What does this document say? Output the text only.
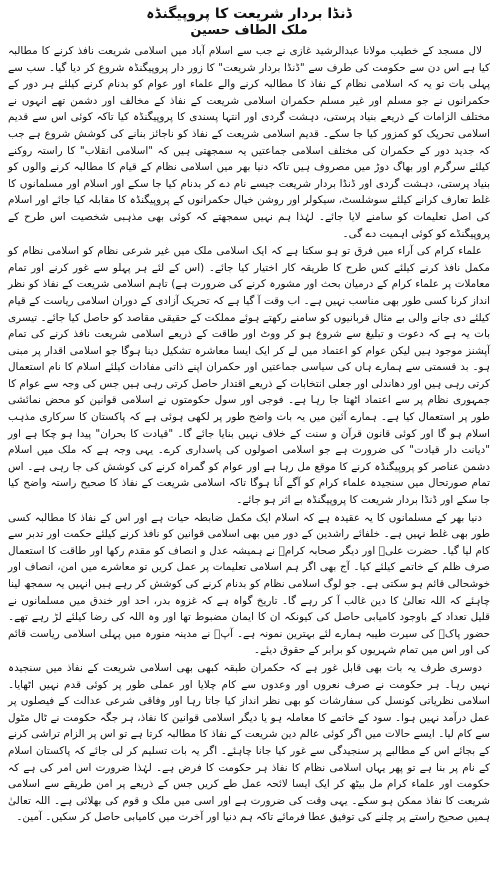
ڈنڈا بردار شریعت کا پروپیگنڈہ
ملک الطاف حسین

لال مسجد کے خطیب مولانا عبدالرشید غازی نے جب سے اسلام آباد میں اسلامی شریعت نافذ کرنے کا مطالبہ کیا ہے اس دن سے حکومت کی طرف سے "ڈنڈا بردار شریعت" کا زور دار پروپیگنڈہ شروع کر دیا گیا۔ سب سے پہلی بات تو یہ کہ اسلامی نظام کے نفاذ کا مطالبہ کرنے والے علماء اور عوام کو بدنام کرنے کیلئے ہر دور کے حکمرانوں نے جو مسلم اور غیر مسلم حکمران اسلامی شریعت کے نفاذ کے مخالف اور دشمن تھے انہوں نے مختلف الزامات کے ذریعے بنیاد پرستی، دہشت گردی اور انتہا پسندی کا پروپیگنڈہ کیا تاکہ کوئی اس سے قدیم اسلامی تحریک کو کمزور کیا جا سکے۔ قدیم اسلامی شریعت کے نفاذ کو ناجائز بنانے کی کوشش شروع ہے جب کہ جدید دور کے حکمران کی مختلف اسلامی جماعتیں یہ سمجھتی ہیں کہ "اسلامی انقلاب" کا راستہ روکنے کیلئے سرگرم اور بھاگ دوڑ میں مصروف ہیں تاکہ دنیا بھر میں اسلامی نظام کے قیام کا مطالبہ کرنے والوں کو بنیاد پرستی، دہشت گردی اور ڈنڈا بردار شریعت جیسے نام دے کر بدنام کیا جا سکے اور اسلام اور مسلمانوں کا غلط تعارف کرانے کیلئے سوشلسٹ، سیکولر اور روشن خیال حکمرانوں کے پروپیگنڈہ کا مقابلہ کیا جائے اور اسلام کی اصل تعلیمات کو سامنے لایا جائے۔ لہٰذا ہم نہیں سمجھتے کہ کوئی بھی مذہبی شخصیت اس طرح کے پروپیگنڈے کو کوئی اہمیت دے گی۔

علماء کرام کی آراء میں فرق تو ہو سکتا ہے کہ ایک اسلامی ملک میں غیر شرعی نظام کو اسلامی نظام کو مکمل نافذ کرنے کیلئے کس طرح کا طریقہ کار اختیار کیا جائے۔ (اس کے لئے ہر پہلو سے غور کرنے اور تمام معاملات پر علماء کرام کے درمیان بحث اور مشورہ کرنے کی ضرورت ہے) تاہم اسلامی شریعت کے نفاذ کو نظر انداز کرنا کسی طور بھی مناسب نہیں ہے۔ اب وقت آ گیا ہے کہ تحریک آزادی کے دوران اسلامی ریاست کے قیام کیلئے دی جانے والی بے مثال قربانیوں کو سامنے رکھتے ہوئے مملکت کے حقیقی مقاصد کو حاصل کیا جائے۔ تیسری بات یہ ہے کہ دعوت و تبلیغ سے شروع ہو کر ووٹ اور طاقت کے ذریعے اسلامی شریعت نافذ کرنے کی تمام آپشنز موجود ہیں لیکن عوام کو اعتماد میں لے کر ایک ایسا معاشرہ تشکیل دینا ہوگا جو اسلامی اقدار پر مبنی ہو۔ بد قسمتی سے ہمارے ہاں کی سیاسی جماعتیں اور حکمران اپنے ذاتی مفادات کیلئے اسلام کا نام استعمال کرتی رہی ہیں اور دھاندلی اور جعلی انتخابات کے ذریعے اقتدار حاصل کرتی رہی ہیں جس کی وجہ سے عوام کا جمہوری نظام پر سے اعتماد اٹھتا جا رہا ہے۔ فوجی اور سول حکومتوں نے اسلامی قوانین کو محض نمائشی طور پر استعمال کیا ہے۔ ہمارے آئین میں یہ بات واضح طور پر لکھی ہوئی ہے کہ پاکستان کا سرکاری مذہب اسلام ہو گا اور کوئی قانون قرآن و سنت کے خلاف نہیں بنایا جائے گا۔ "قیادت کا بحران" پیدا ہو چکا ہے اور "دیانت دار قیادت" کی ضرورت ہے جو اسلامی اصولوں کی پاسداری کرے۔ یہی وجہ ہے کہ ملک میں اسلام دشمن عناصر کو پروپیگنڈہ کرنے کا موقع مل رہا ہے اور عوام کو گمراہ کرنے کی کوشش کی جا رہی ہے۔ اس تمام صورتحال میں سنجیدہ علماء کرام کو آگے آنا ہوگا تاکہ اسلامی شریعت کے نفاذ کا صحیح راستہ واضح کیا جا سکے اور ڈنڈا بردار شریعت کا پروپیگنڈہ بے اثر ہو جائے۔

دنیا بھر کے مسلمانوں کا یہ عقیدہ ہے کہ اسلام ایک مکمل ضابطہ حیات ہے اور اس کے نفاذ کا مطالبہ کسی طور بھی غلط نہیں ہے۔ خلفائے راشدین کے دور میں بھی اسلامی قوانین کو نافذ کرنے کیلئے حکمت اور تدبر سے کام لیا گیا۔ حضرت علیؓ اور دیگر صحابہ کرامؓ نے ہمیشہ عدل و انصاف کو مقدم رکھا اور طاقت کا استعمال صرف ظلم کے خاتمے کیلئے کیا۔ آج بھی اگر ہم اسلامی تعلیمات پر عمل کریں تو معاشرے میں امن، انصاف اور خوشحالی قائم ہو سکتی ہے۔ جو لوگ اسلامی نظام کو بدنام کرنے کی کوشش کر رہے ہیں انہیں یہ سمجھ لینا چاہئے کہ اللہ تعالیٰ کا دین غالب آ کر رہے گا۔ تاریخ گواہ ہے کہ غزوہ بدر، احد اور خندق میں مسلمانوں نے قلیل تعداد کے باوجود کامیابی حاصل کی کیونکہ ان کا ایمان مضبوط تھا اور وہ اللہ کی رضا کیلئے لڑ رہے تھے۔ حضور پاکؐ کی سیرت طیبہ ہمارے لئے بہترین نمونہ ہے۔ آپؐ نے مدینہ منورہ میں پہلی اسلامی ریاست قائم کی اور اس میں تمام شہریوں کو برابر کے حقوق دیئے۔

دوسری طرف یہ بات بھی قابل غور ہے کہ حکمران طبقہ کبھی بھی اسلامی شریعت کے نفاذ میں سنجیدہ نہیں رہا۔ ہر حکومت نے صرف نعروں اور وعدوں سے کام چلایا اور عملی طور پر کوئی قدم نہیں اٹھایا۔ اسلامی نظریاتی کونسل کی سفارشات کو بھی نظر انداز کیا جاتا رہا اور وفاقی شرعی عدالت کے فیصلوں پر عمل درآمد نہیں ہوا۔ سود کے خاتمے کا معاملہ ہو یا دیگر اسلامی قوانین کا نفاذ، ہر جگہ حکومت نے ٹال مٹول سے کام لیا۔ ایسے حالات میں اگر کوئی عالم دین شریعت کے نفاذ کا مطالبہ کرتا ہے تو اس پر الزام تراشی کرنے کے بجائے اس کے مطالبے پر سنجیدگی سے غور کیا جانا چاہئے۔ اگر یہ بات تسلیم کر لی جائے کہ پاکستان اسلام کے نام پر بنا ہے تو پھر یہاں اسلامی نظام کا نفاذ ہر حکومت کا فرض ہے۔ لہٰذا ضرورت اس امر کی ہے کہ حکومت اور علماء کرام مل بیٹھ کر ایک ایسا لائحہ عمل طے کریں جس کے ذریعے پر امن طریقے سے اسلامی شریعت کا نفاذ ممکن ہو سکے۔ یہی وقت کی ضرورت ہے اور اسی میں ملک و قوم کی بھلائی ہے۔ اللہ تعالیٰ ہمیں صحیح راستے پر چلنے کی توفیق عطا فرمائے تاکہ ہم دنیا اور آخرت میں کامیابی حاصل کر سکیں۔ آمین۔
